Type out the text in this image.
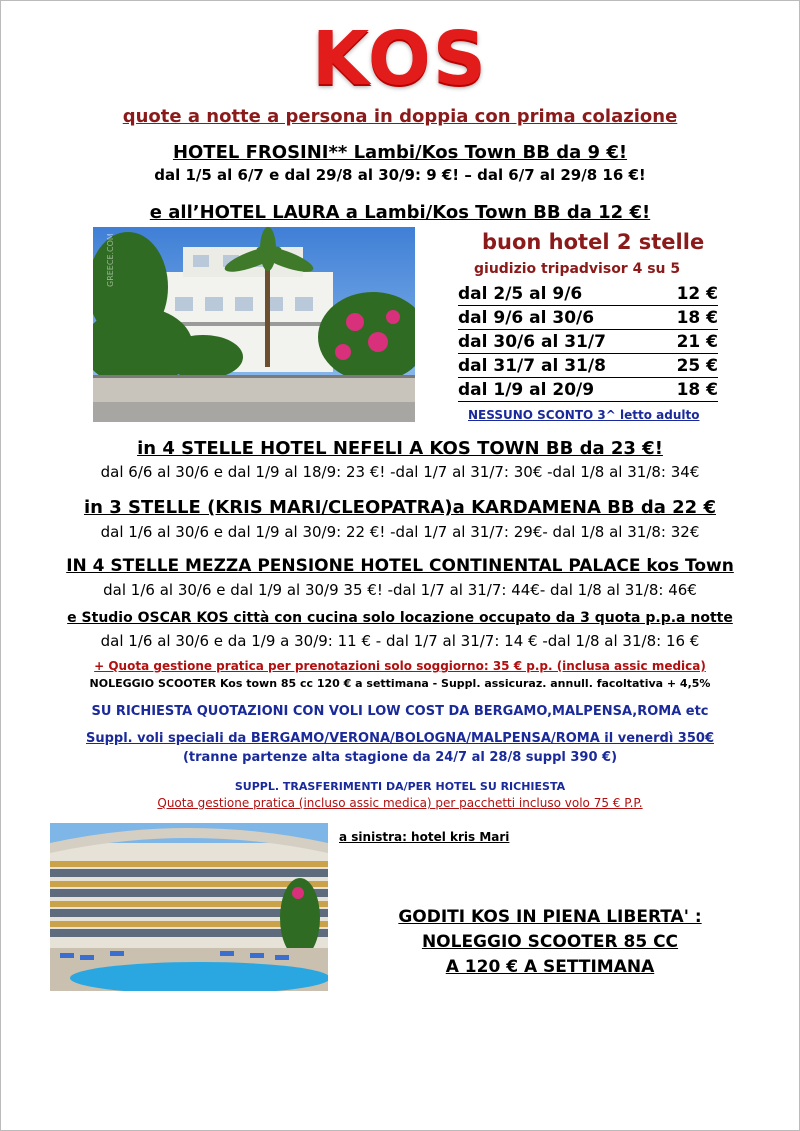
KOS
quote a notte a persona in doppia con prima colazione
HOTEL FROSINI** Lambi/Kos Town BB da 9 €!
dal 1/5 al 6/7 e dal 29/8 al 30/9: 9 €! – dal 6/7 al 29/8 16 €!
e all’HOTEL LAURA a Lambi/Kos Town BB da 12 €!
GREECE.COM	buon hotel 2 stelle
giudizio tripadvisor 4 su 5
dal 2/5 al 9/6	12 €
dal 9/6 al 30/6	18 €
dal 30/6 al 31/7	21 €
dal 31/7 al 31/8	25 €
dal 1/9 al 20/9	18 €
NESSUNO SCONTO 3^ letto adulto
in 4 STELLE HOTEL NEFELI A KOS TOWN BB da 23 €!
dal 6/6 al 30/6 e dal 1/9 al 18/9: 23 €! -dal 1/7 al 31/7: 30€ -dal 1/8 al 31/8: 34€
in 3 STELLE (KRIS MARI/CLEOPATRA)a KARDAMENA BB da 22 €
dal 1/6 al 30/6 e dal 1/9 al 30/9: 22 €! -dal 1/7 al 31/7: 29€- dal 1/8 al 31/8: 32€
IN 4 STELLE MEZZA PENSIONE HOTEL CONTINENTAL PALACE kos Town
dal 1/6 al 30/6 e dal 1/9 al 30/9 35 €! -dal 1/7 al 31/7: 44€- dal 1/8 al 31/8: 46€
e Studio OSCAR KOS città con cucina solo locazione occupato da 3 quota p.p.a notte
dal 1/6 al 30/6 e da 1/9 a 30/9: 11 € - dal 1/7 al 31/7: 14 € -dal 1/8 al 31/8: 16 €
+ Quota gestione pratica per prenotazioni solo soggiorno: 35 € p.p. (inclusa assic medica)
NOLEGGIO SCOOTER Kos town 85 cc 120 € a settimana - Suppl. assicuraz. annull. facoltativa + 4,5%
SU RICHIESTA QUOTAZIONI CON VOLI LOW COST DA BERGAMO,MALPENSA,ROMA etc
Suppl. voli speciali da BERGAMO/VERONA/BOLOGNA/MALPENSA/ROMA il venerdì 350€
(tranne partenze alta stagione da 24/7 al 28/8 suppl 390 €)
SUPPL. TRASFERIMENTI DA/PER HOTEL SU RICHIESTA
Quota gestione pratica (incluso assic medica) per pacchetti incluso volo 75 € P.P.
a sinistra: hotel kris Mari
GODITI KOS IN PIENA LIBERTA' :
NOLEGGIO SCOOTER 85 CC
A 120 € A SETTIMANA
